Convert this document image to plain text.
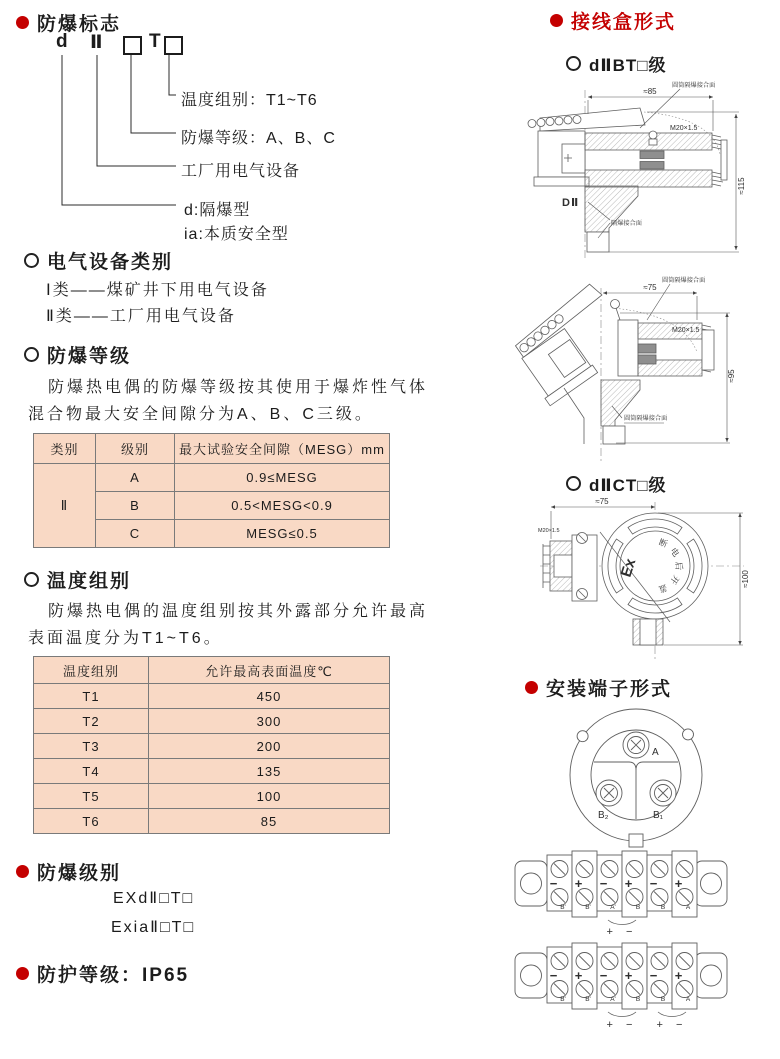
防爆标志
d Ⅱ T
温度组别：T1~T6
防爆等级：A、B、C
工厂用电气设备
d:隔爆型
ia:本质安全型
电气设备类别
Ⅰ类——煤矿井下用电气设备
Ⅱ类——工厂用电气设备
防爆等级
防爆热电偶的防爆等级按其使用于爆炸性气体
混合物最大安全间隙分为A、B、C三级。
类别	级别	最大试验安全间隙（MESG）mm
Ⅱ	A	0.9≤MESG
	B	0.5<MESG<0.9
	C	MESG≤0.5
温度组别
防爆热电偶的温度组别按其外露部分允许最高
表面温度分为T1~T6。
温度组别	允许最高表面温度℃
T1	450
T2	300
T3	200
T4	135
T5	100
T6	85
防爆级别
EXdⅡ□T□
ExiaⅡ□T□
防护等级：IP65
接线盒形式
dⅡBT□级
≈85
≈115
圆筒隔爆接合面
M20×1.5
隔爆接合面
DⅡ
≈75
≈95
圆筒隔爆接合面
M20×1.5
圆筒隔爆接合面
dⅡCT□级
≈75
≈100
M20×1.5
Ex
断
电
后
开
盖
安装端子形式
A
B₂	B₁
− + − + − +
B'	B'	A'	B	B	A
+ −
− + − + − +
B'	B'	A'	B	B	A
+ − + −
